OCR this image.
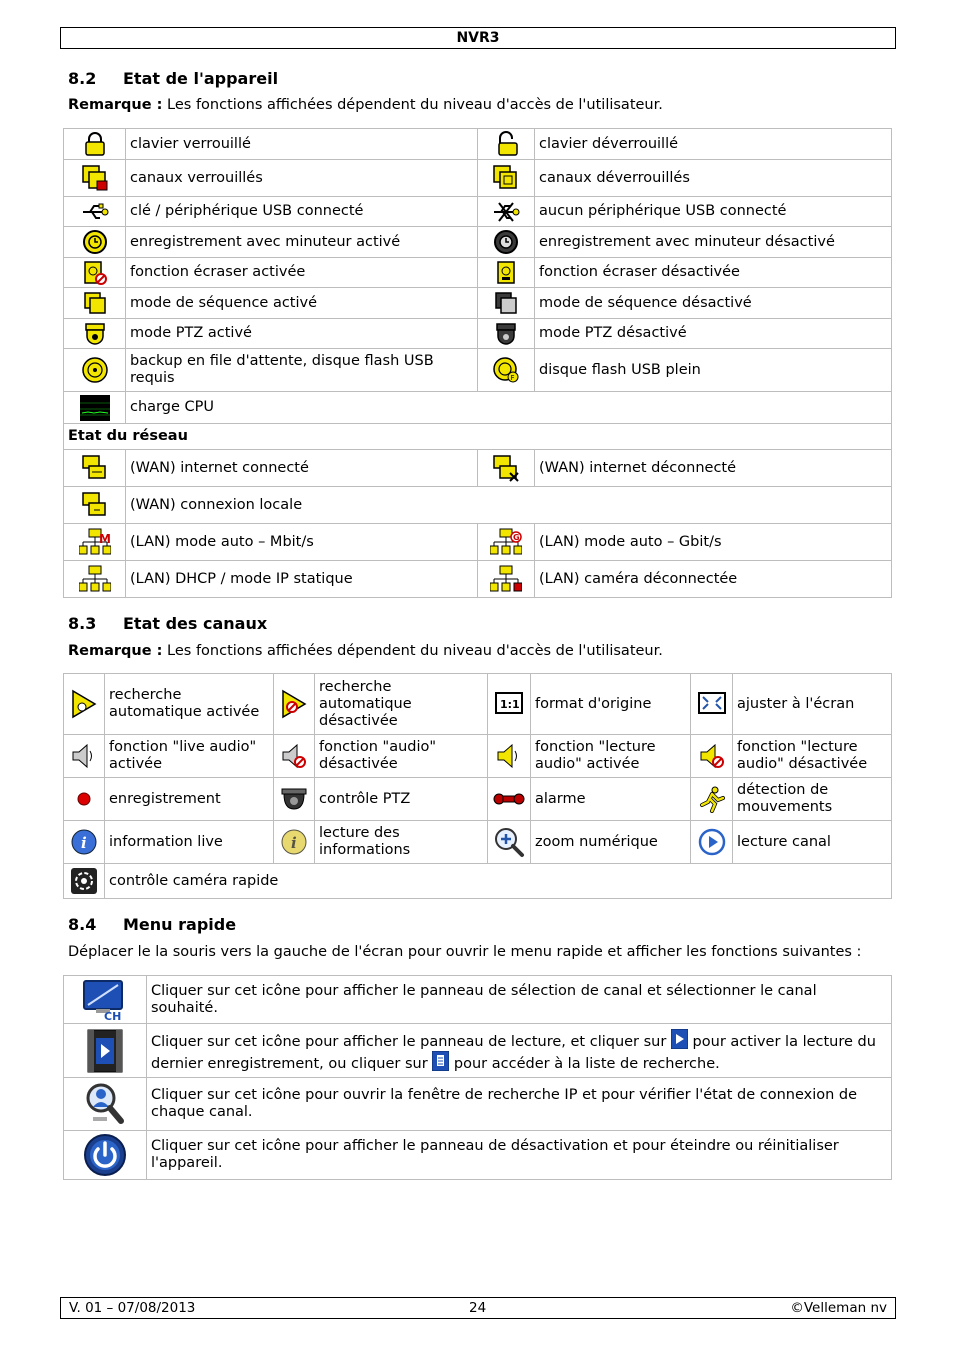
NVR3
8.2 Etat de l'appareil
Remarque : Les fonctions affichées dépendent du niveau d'accès de l'utilisateur.
	clavier verrouillé		clavier déverrouillé

	canaux verrouillés		canaux déverrouillés

	clé / périphérique USB connecté		aucun périphérique USB connecté

	enregistrement avec minuteur activé		enregistrement avec minuteur désactivé

	fonction écraser activée		fonction écraser désactivée

	mode de séquence activé		mode de séquence désactivé

	mode PTZ activé		mode PTZ désactivé

	backup en file d'attente, disque flash USB requis	F	disque flash USB plein

	charge CPU		
Etat du réseau			

	(WAN) internet connecté		(WAN) internet déconnecté

	(WAN) connexion locale		

M	(LAN) mode auto – Mbit/s	G	(LAN) mode auto – Gbit/s

	(LAN) DHCP / mode IP statique		(LAN) caméra déconnectée
8.3 Etat des canaux
Remarque : Les fonctions affichées dépendent du niveau d'accès de l'utilisateur.
	recherche automatique activée		recherche automatique désactivée	1:1	format d'origine		ajuster à l'écran

	fonction "live audio" activée		fonction "audio" désactivée		fonction "lecture audio" activée		fonction "lecture audio" désactivée

	enregistrement		contrôle PTZ		alarme		détection de mouvements

i	information live	i	lecture des informations		zoom numérique		lecture canal

	contrôle caméra rapide						
8.4 Menu rapide
Déplacer le la souris vers la gauche de l'écran pour ouvrir le menu rapide et afficher les fonctions suivantes :
CH	Cliquer sur cet icône pour afficher le panneau de sélection de canal et sélectionner le canal souhaité.

	Cliquer sur cet icône pour afficher le panneau de lecture, et cliquer sur  pour activer la lecture du dernier enregistrement, ou cliquer sur  pour accéder à la liste de recherche.

	Cliquer sur cet icône pour ouvrir la fenêtre de recherche IP et pour vérifier l'état de connexion de chaque canal.

	Cliquer sur cet icône pour afficher le panneau de désactivation et pour éteindre ou réinitialiser l'appareil.
V. 01 – 07/08/2013	24	©Velleman nv
